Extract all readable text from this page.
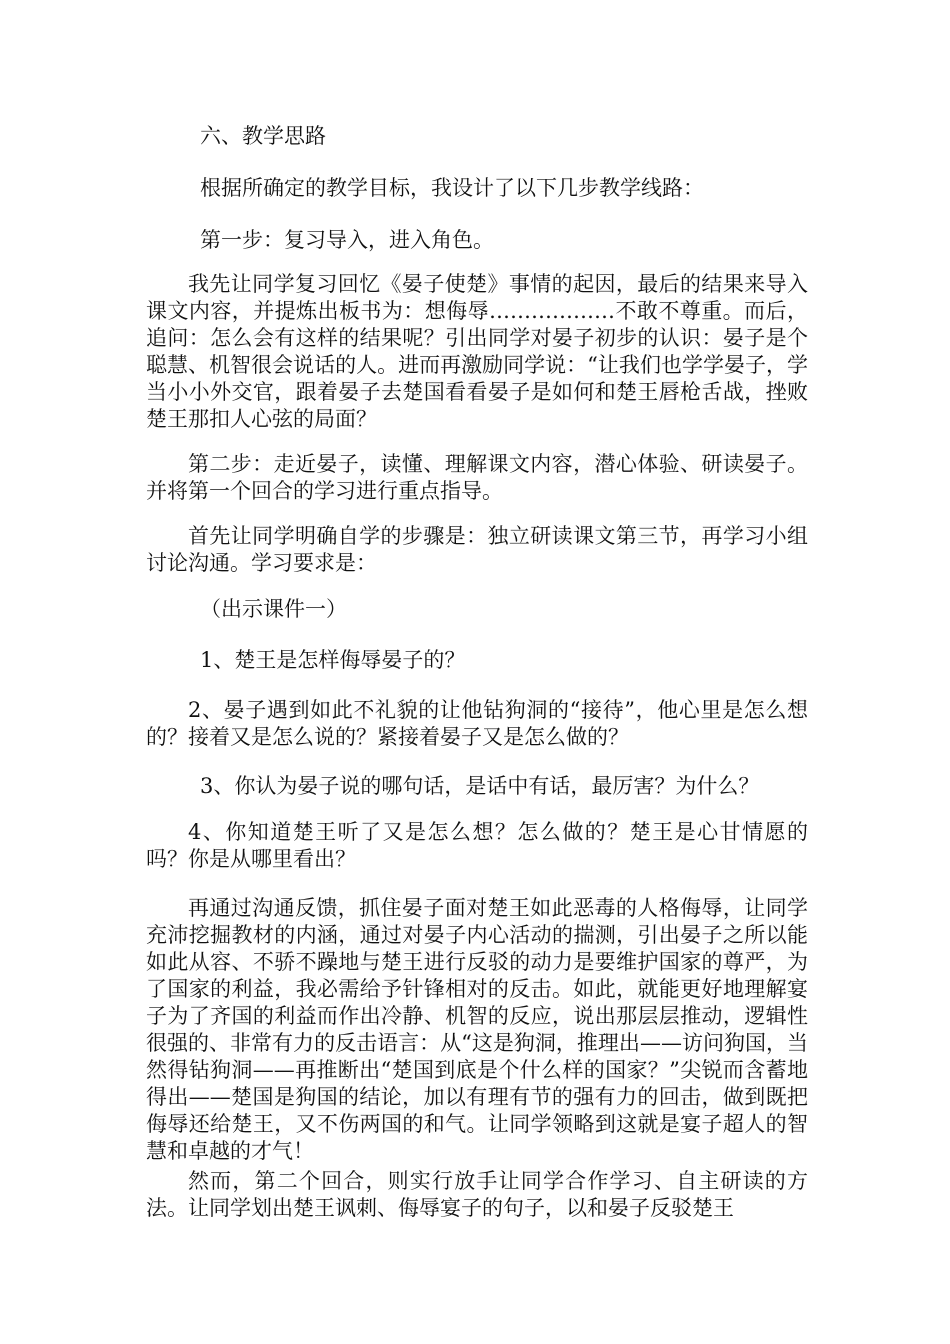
六、教学思路

根据所确定的教学目标，我设计了以下几步教学线路：

第一步：复习导入，进入角色。

我先让同学复习回忆《晏子使楚》事情的起因，最后的结果来导入课文内容，并提炼出板书为：想侮辱………………不敢不尊重。而后，追问：怎么会有这样的结果呢？引出同学对晏子初步的认识：晏子是个聪慧、机智很会说话的人。进而再激励同学说：“让我们也学学晏子，学当小小外交官，跟着晏子去楚国看看晏子是如何和楚王唇枪舌战，挫败楚王那扣人心弦的局面？

第二步：走近晏子，读懂、理解课文内容，潜心体验、研读晏子。并将第一个回合的学习进行重点指导。

首先让同学明确自学的步骤是：独立研读课文第三节，再学习小组讨论沟通。学习要求是：

（出示课件一）

1、楚王是怎样侮辱晏子的？

2、晏子遇到如此不礼貌的让他钻狗洞的“接待”，他心里是怎么想的？接着又是怎么说的？紧接着晏子又是怎么做的？

3、你认为晏子说的哪句话，是话中有话，最厉害？为什么？

4、你知道楚王听了又是怎么想？怎么做的？楚王是心甘情愿的吗？你是从哪里看出？

再通过沟通反馈，抓住晏子面对楚王如此恶毒的人格侮辱，让同学充沛挖掘教材的内涵，通过对晏子内心活动的揣测，引出晏子之所以能如此从容、不骄不躁地与楚王进行反驳的动力是要维护国家的尊严，为了国家的利益，我必需给予针锋相对的反击。如此，就能更好地理解宴子为了齐国的利益而作出冷静、机智的反应，说出那层层推动，逻辑性很强的、非常有力的反击语言：从“这是狗洞，推理出——访问狗国，当然得钻狗洞——再推断出“楚国到底是个什么样的国家？”尖锐而含蓄地得出——楚国是狗国的结论，加以有理有节的强有力的回击，做到既把侮辱还给楚王，又不伤两国的和气。让同学领略到这就是宴子超人的智慧和卓越的才气！

然而，第二个回合，则实行放手让同学合作学习、自主研读的方法。让同学划出楚王讽刺、侮辱宴子的句子，以和晏子反驳楚王
